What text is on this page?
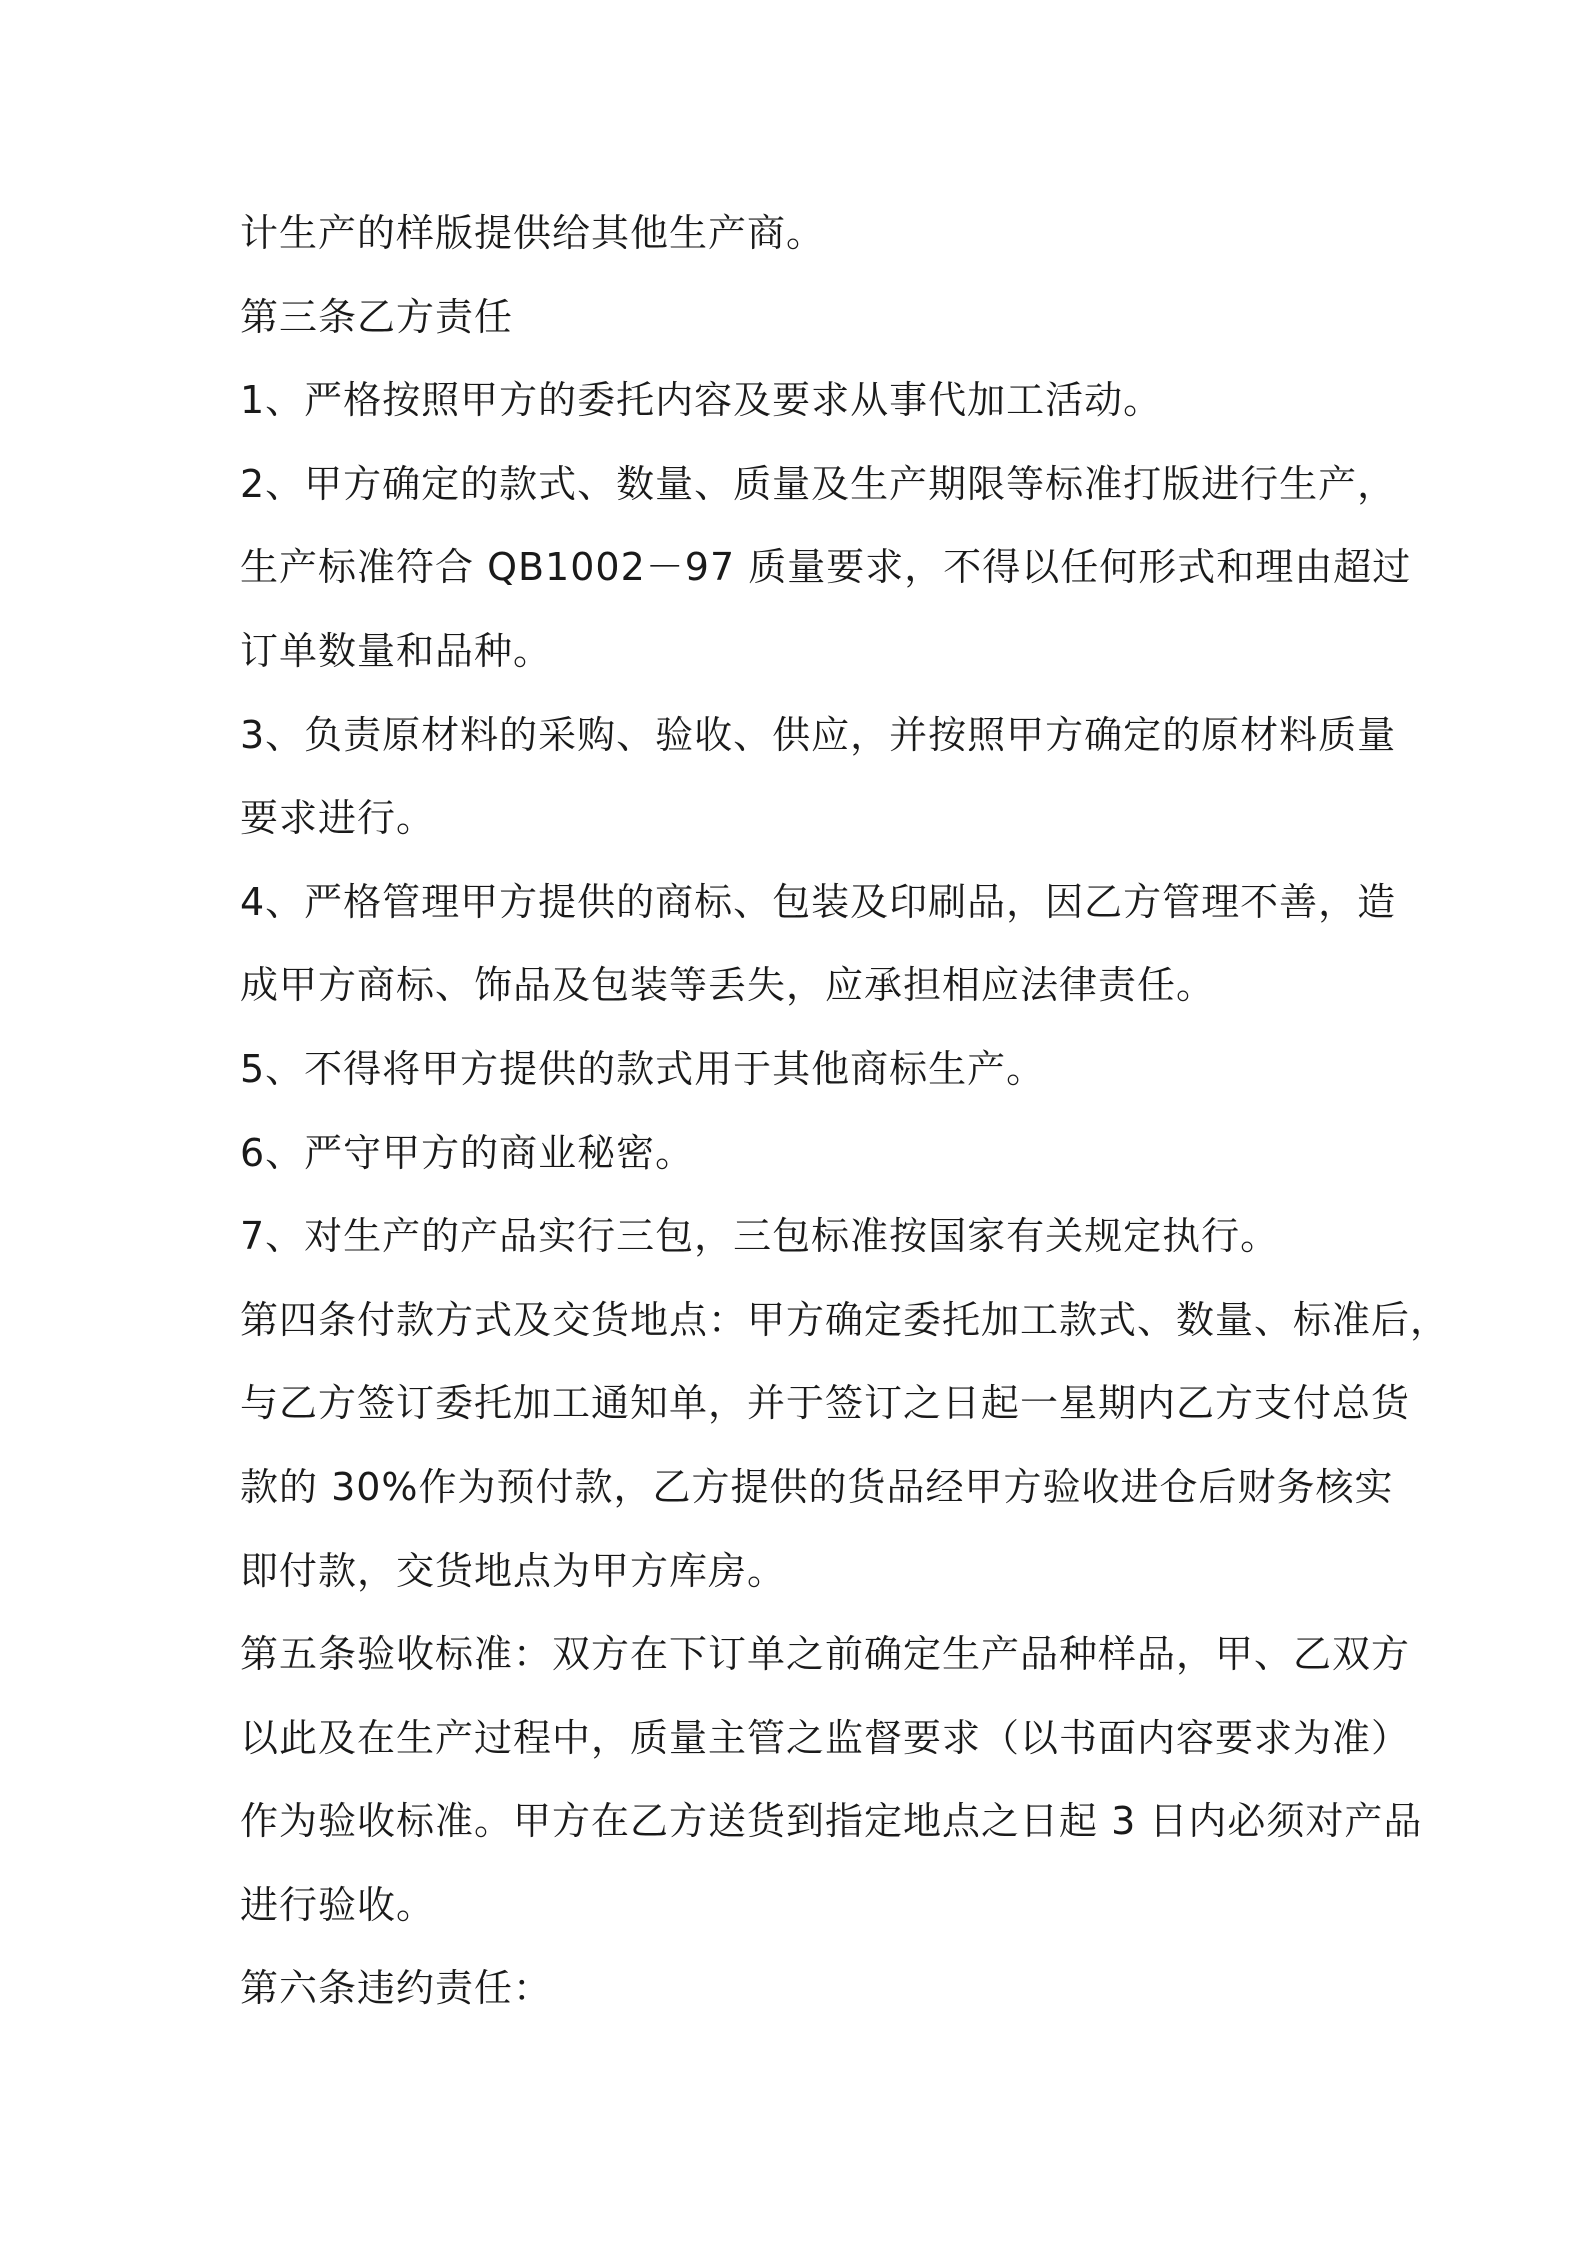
计生产的样版提供给其他生产商。
第三条乙方责任
1、严格按照甲方的委托内容及要求从事代加工活动。
2、甲方确定的款式、数量、质量及生产期限等标准打版进行生产，
生产标准符合 QB1002－97 质量要求，不得以任何形式和理由超过
订单数量和品种。
3、负责原材料的采购、验收、供应，并按照甲方确定的原材料质量
要求进行。
4、严格管理甲方提供的商标、包装及印刷品，因乙方管理不善，造
成甲方商标、饰品及包装等丢失，应承担相应法律责任。
5、不得将甲方提供的款式用于其他商标生产。
6、严守甲方的商业秘密。
7、对生产的产品实行三包，三包标准按国家有关规定执行。
第四条付款方式及交货地点：甲方确定委托加工款式、数量、标准后，
与乙方签订委托加工通知单，并于签订之日起一星期内乙方支付总货
款的 30%作为预付款，乙方提供的货品经甲方验收进仓后财务核实
即付款，交货地点为甲方库房。
第五条验收标准：双方在下订单之前确定生产品种样品，甲、乙双方
以此及在生产过程中，质量主管之监督要求（以书面内容要求为准）
作为验收标准。甲方在乙方送货到指定地点之日起 3 日内必须对产品
进行验收。
第六条违约责任：
